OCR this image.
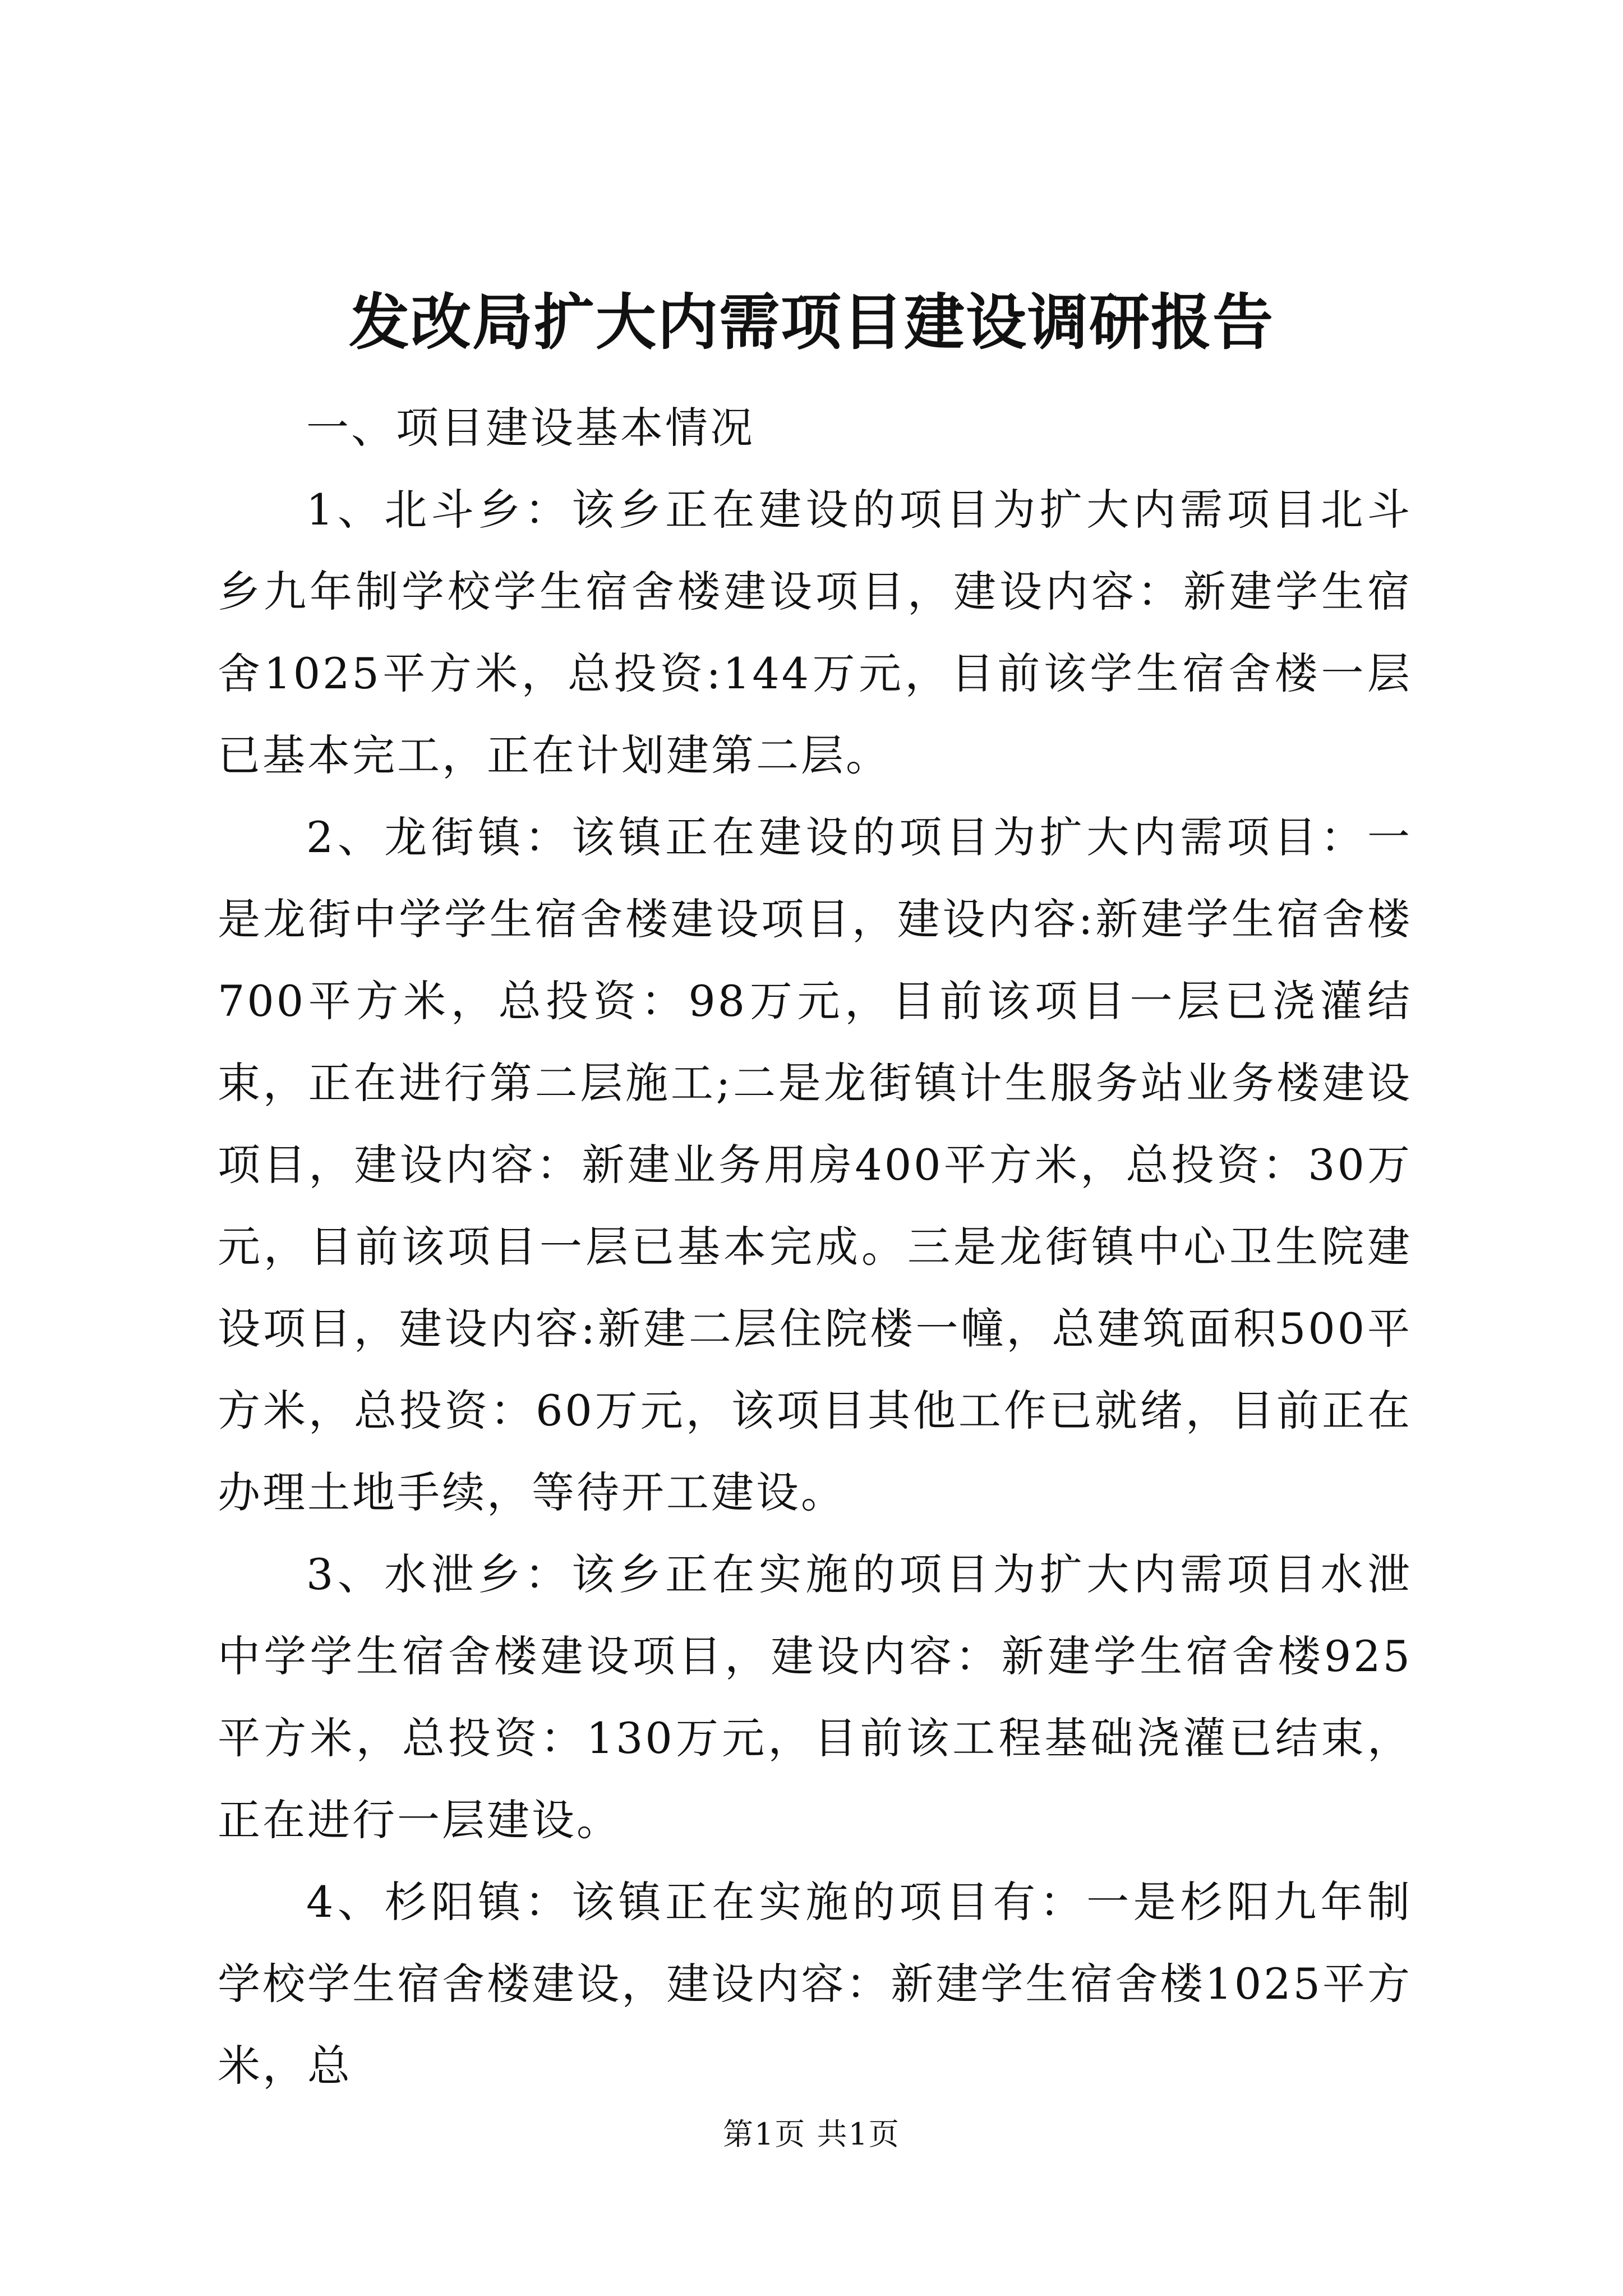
发改局扩大内需项目建设调研报告

一、项目建设基本情况

1、北斗乡：该乡正在建设的项目为扩大内需项目北斗乡九年制学校学生宿舍楼建设项目，建设内容：新建学生宿舍1025平方米，总投资:144万元，目前该学生宿舍楼一层已基本完工，正在计划建第二层。

2、龙街镇：该镇正在建设的项目为扩大内需项目：一是龙街中学学生宿舍楼建设项目，建设内容:新建学生宿舍楼700平方米，总投资：98万元，目前该项目一层已浇灌结束，正在进行第二层施工;二是龙街镇计生服务站业务楼建设项目，建设内容：新建业务用房400平方米，总投资：30万元，目前该项目一层已基本完成。三是龙街镇中心卫生院建设项目，建设内容:新建二层住院楼一幢，总建筑面积500平方米，总投资：60万元，该项目其他工作已就绪，目前正在办理土地手续，等待开工建设。

3、水泄乡：该乡正在实施的项目为扩大内需项目水泄中学学生宿舍楼建设项目，建设内容：新建学生宿舍楼925平方米，总投资：130万元，目前该工程基础浇灌已结束，正在进行一层建设。

4、杉阳镇：该镇正在实施的项目有：一是杉阳九年制学校学生宿舍楼建设，建设内容：新建学生宿舍楼1025平方米，总

第1页 共1页
